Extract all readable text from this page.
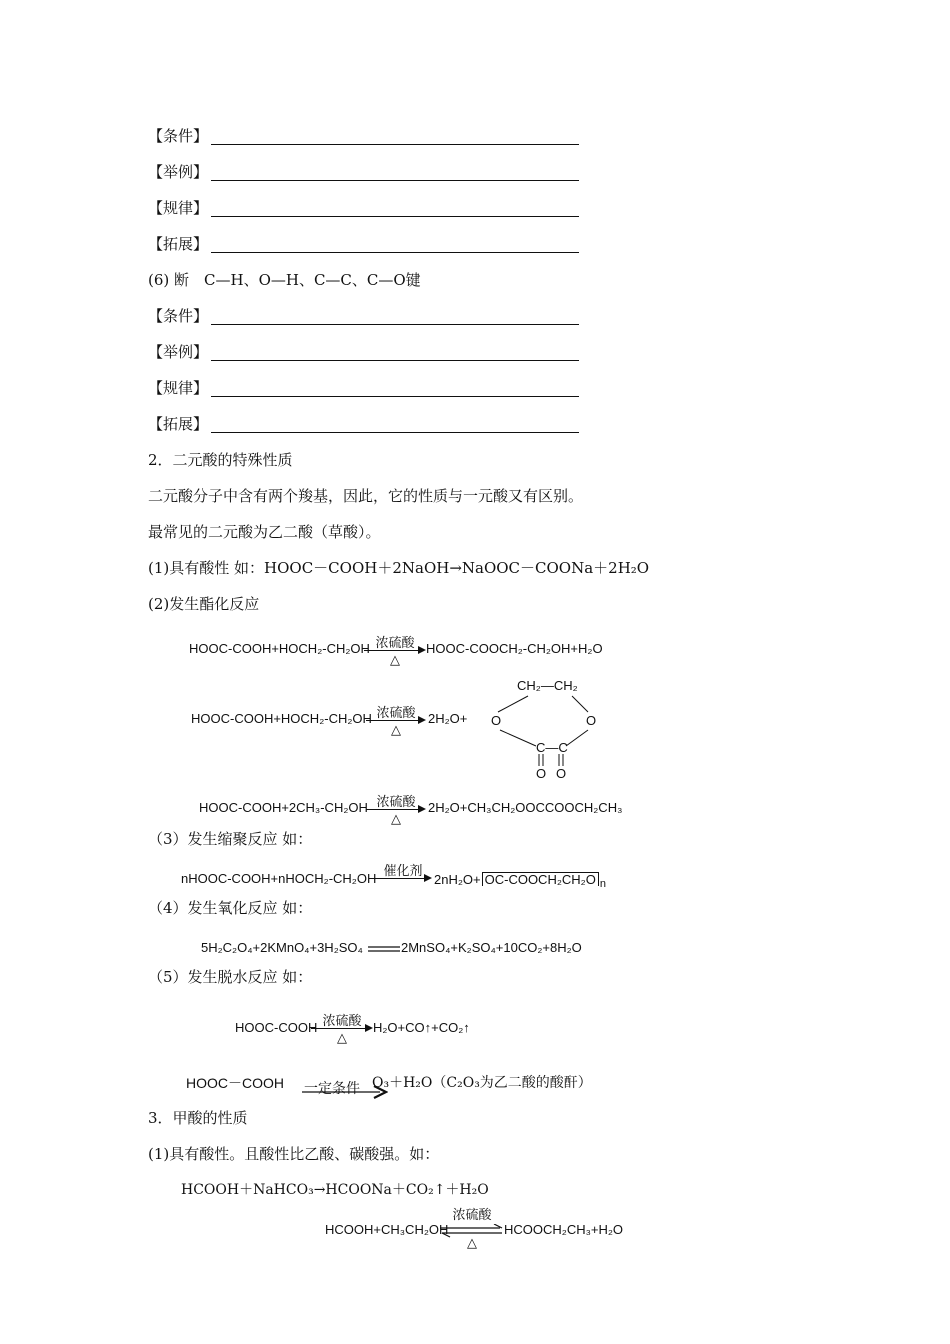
【条件】
【举例】
【规律】
【拓展】
(6) 断　C—H、O—H、C—C、C—O键
【条件】
【举例】
【规律】
【拓展】
2．二元酸的特殊性质
二元酸分子中含有两个羧基，因此，它的性质与一元酸又有区别。
最常见的二元酸为乙二酸（草酸）。
(1)具有酸性 如：HOOC－COOH＋2NaOH→NaOOC－COONa＋2H₂O
(2)发生酯化反应
HOOC-COOH+HOCH₂-CH₂OH 浓硫酸
△
HOOC-COOCH₂-CH₂OH+H₂O
HOOC-COOH+HOCH₂-CH₂OH 浓硫酸
△
2H₂O+
CH₂—CH₂
O	O
C—C
O O
HOOC-COOH+2CH₃-CH₂OH 浓硫酸
△
2H₂O+CH₃CH₂OOCCOOCH₂CH₃
（3）发生缩聚反应 如：
nHOOC-COOH+nHOCH₂-CH₂OH 催化剂
2nH₂O+ OC-COOCH₂CH₂O $_n$
（4）发生氧化反应 如：
5H₂C₂O₄+2KMnO₄+3H₂SO₄	2MnSO₄+K₂SO₄+10CO₂+8H₂O
（5）发生脱水反应 如：
HOOC-COOH 浓硫酸
△
H₂O+CO↑+CO₂↑
HOOC－COOH 一定条件 O₃＋H₂O（C₂O₃为乙二酸的酸酐）
3．甲酸的性质
(1)具有酸性。且酸性比乙酸、碳酸强。如：
HCOOH＋NaHCO₃→HCOONa＋CO₂↑＋H₂O
HCOOH+CH₃CH₂OH
浓硫酸
△
HCOOCH₂CH₃+H₂O
